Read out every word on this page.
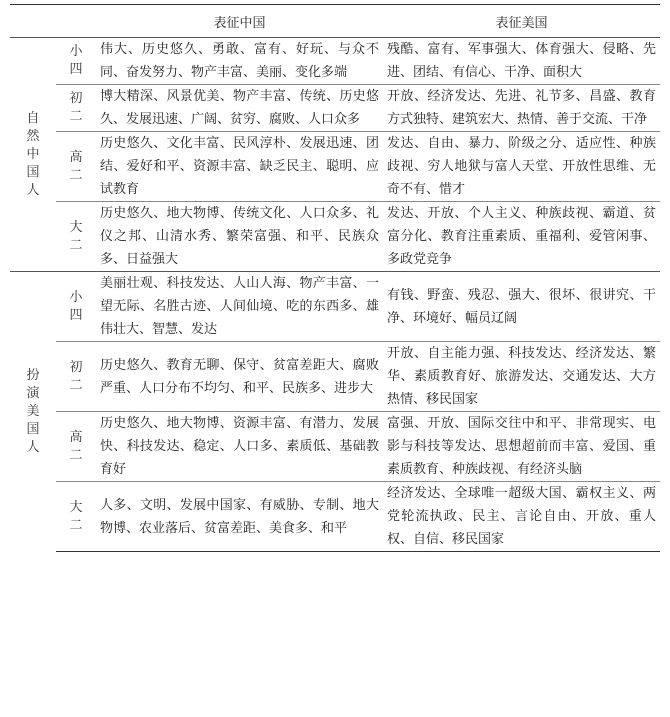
		表征中国	表征美国
自然中国人	小四	伟大、历史悠久、勇敢、富有、好玩、与众不同、奋发努力、物产丰富、美丽、变化多端	残酷、富有、军事强大、体育强大、侵略、先进、团结、有信心、干净、面积大
	初二	博大精深、风景优美、物产丰富、传统、历史悠久、发展迅速、广阔、贫穷、腐败、人口众多	开放、经济发达、先进、礼节多、昌盛、教育方式独特、建筑宏大、热情、善于交流、干净
	高二	历史悠久、文化丰富、民风淳朴、发展迅速、团结、爱好和平、资源丰富、缺乏民主、聪明、应试教育	发达、自由、暴力、阶级之分、适应性、种族歧视、穷人地狱与富人天堂、开放性思维、无奇不有、惜才
	大二	历史悠久、地大物博、传统文化、人口众多、礼仪之邦、山清水秀、繁荣富强、和平、民族众多、日益强大	发达、开放、个人主义、种族歧视、霸道、贫富分化、教育注重素质、重福利、爱管闲事、多政党竞争
扮演美国人	小四	美丽壮观、科技发达、人山人海、物产丰富、一望无际、名胜古迹、人间仙境、吃的东西多、雄伟壮大、智慧、发达	有钱、野蛮、残忍、强大、很坏、很讲究、干净、环境好、幅员辽阔
	初二	历史悠久、教育无聊、保守、贫富差距大、腐败严重、人口分布不均匀、和平、民族多、进步大	开放、自主能力强、科技发达、经济发达、繁华、素质教育好、旅游发达、交通发达、大方热情、移民国家
	高二	历史悠久、地大物博、资源丰富、有潜力、发展快、科技发达、稳定、人口多、素质低、基础教育好	富强、开放、国际交往中和平、非常现实、电影与科技等发达、思想超前而丰富、爱国、重素质教育、种族歧视、有经济头脑
	大二	人多、文明、发展中国家、有威胁、专制、地大物博、农业落后、贫富差距、美食多、和平	经济发达、全球唯一超级大国、霸权主义、两党轮流执政、民主、言论自由、开放、重人权、自信、移民国家
